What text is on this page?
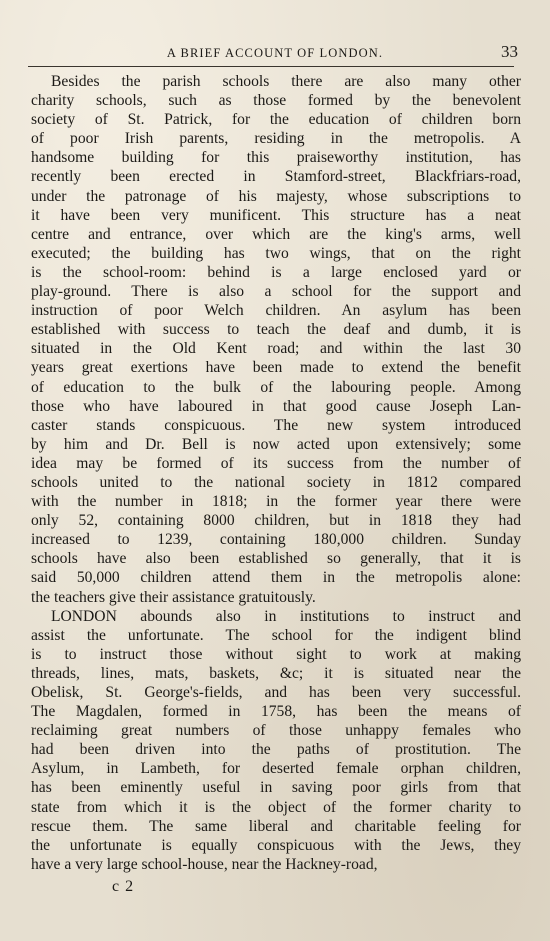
A BRIEF ACCOUNT OF LONDON.	33
Besides the parish schools there are also many other
charity schools, such as those formed by the benevolent
society of St. Patrick, for the education of children born
of poor Irish parents, residing in the metropolis. A
handsome building for this praiseworthy institution, has
recently been erected in Stamford-street, Blackfriars-road,
under the patronage of his majesty, whose subscriptions to
it have been very munificent. This structure has a neat
centre and entrance, over which are the king's arms, well
executed; the building has two wings, that on the right
is the school-room: behind is a large enclosed yard or
play-ground. There is also a school for the support and
instruction of poor Welch children. An asylum has been
established with success to teach the deaf and dumb, it is
situated in the Old Kent road; and within the last 30
years great exertions have been made to extend the benefit
of education to the bulk of the labouring people. Among
those who have laboured in that good cause Joseph Lan-
caster stands conspicuous. The new system introduced
by him and Dr. Bell is now acted upon extensively; some
idea may be formed of its success from the number of
schools united to the national society in 1812 compared
with the number in 1818; in the former year there were
only 52, containing 8000 children, but in 1818 they had
increased to 1239, containing 180,000 children. Sunday
schools have also been established so generally, that it is
said 50,000 children attend them in the metropolis alone:
the teachers give their assistance gratuitously.
LONDON abounds also in institutions to instruct and
assist the unfortunate. The school for the indigent blind
is to instruct those without sight to work at making
threads, lines, mats, baskets, &c; it is situated near the
Obelisk, St. George's-fields, and has been very successful.
The Magdalen, formed in 1758, has been the means of
reclaiming great numbers of those unhappy females who
had been driven into the paths of prostitution. The
Asylum, in Lambeth, for deserted female orphan children,
has been eminently useful in saving poor girls from that
state from which it is the object of the former charity to
rescue them. The same liberal and charitable feeling for
the unfortunate is equally conspicuous with the Jews, they
have a very large school-house, near the Hackney-road,
c 2
